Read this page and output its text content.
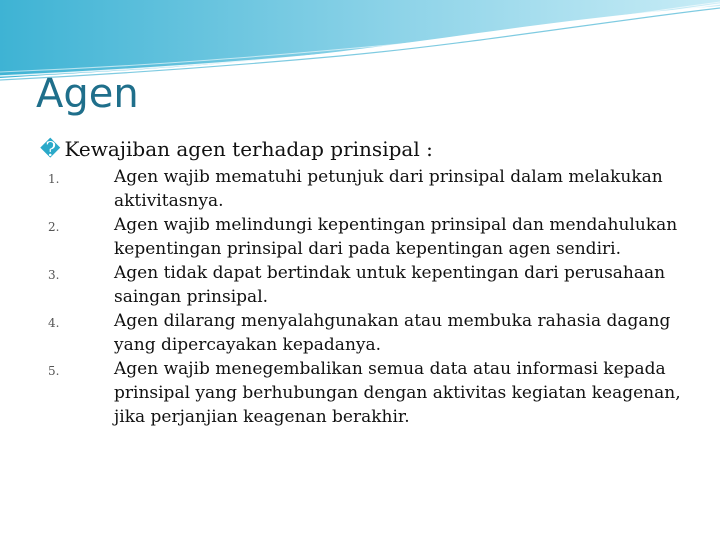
Agen
� Kewajiban agen terhadap prinsipal :
1.	Agen wajib mematuhi petunjuk dari prinsipal dalam melakukan aktivitasnya.
2.	Agen wajib melindungi kepentingan prinsipal dan mendahulukan kepentingan prinsipal dari pada kepentingan agen sendiri.
3.	Agen tidak dapat bertindak untuk kepentingan dari perusahaan saingan prinsipal.
4.	Agen dilarang menyalahgunakan atau membuka rahasia dagang yang dipercayakan kepadanya.
5.	Agen wajib menegembalikan semua data atau informasi kepada prinsipal yang berhubungan dengan aktivitas kegiatan keagenan, jika perjanjian keagenan berakhir.
